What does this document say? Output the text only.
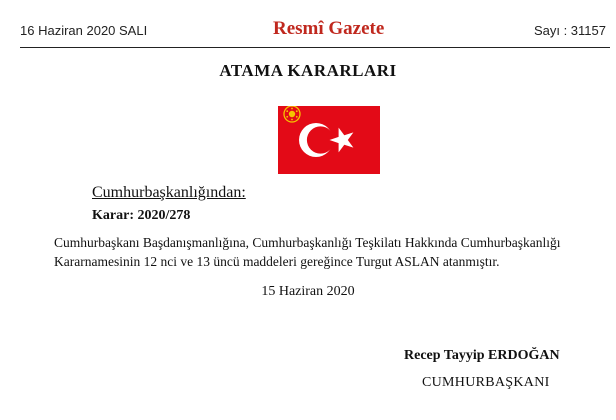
16 Haziran 2020 SALI	Resmî Gazete	Sayı : 31157
ATAMA KARARLARI
Cumhurbaşkanlığından:
Karar: 2020/278
Cumhurbaşkanı Başdanışmanlığına, Cumhurbaşkanlığı Teşkilatı Hakkında Cumhurbaşkanlığı
Kararnamesinin 12 nci ve 13 üncü maddeleri gereğince Turgut ASLAN atanmıştır.
15 Haziran 2020
Recep Tayyip ERDOĞAN
CUMHURBAŞKANI
